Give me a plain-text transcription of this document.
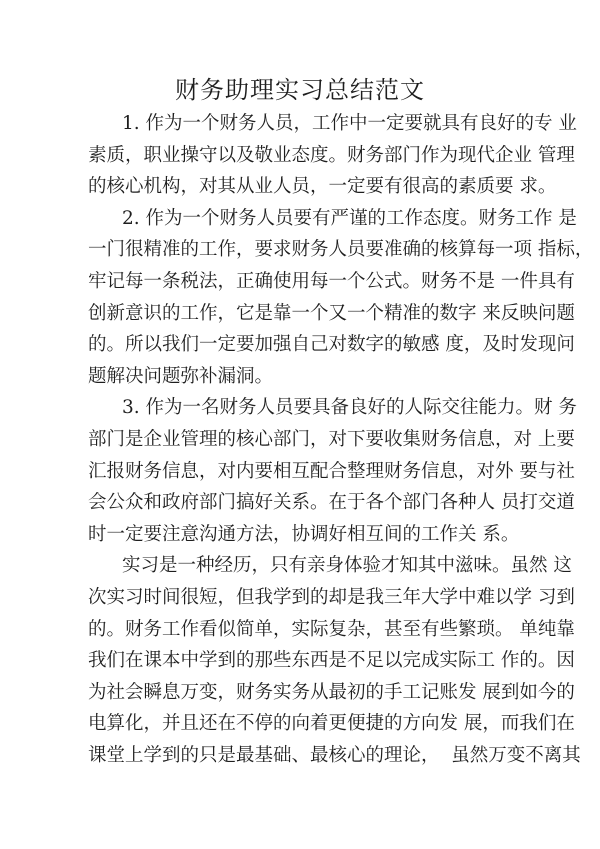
财务助理实习总结范文
1. 作为一个财务人员，工作中一定要就具有良好的专 业
素质，职业操守以及敬业态度。财务部门作为现代企业 管理
的核心机构，对其从业人员，一定要有很高的素质要 求。
2. 作为一个财务人员要有严谨的工作态度。财务工作 是
一门很精准的工作，要求财务人员要准确的核算每一项 指标，
牢记每一条税法，正确使用每一个公式。财务不是 一件具有
创新意识的工作，它是靠一个又一个精准的数字 来反映问题
的。所以我们一定要加强自己对数字的敏感 度，及时发现问
题解决问题弥补漏洞。
3. 作为一名财务人员要具备良好的人际交往能力。财 务
部门是企业管理的核心部门，对下要收集财务信息，对 上要
汇报财务信息，对内要相互配合整理财务信息，对外 要与社
会公众和政府部门搞好关系。在于各个部门各种人 员打交道
时一定要注意沟通方法，协调好相互间的工作关 系。
实习是一种经历，只有亲身体验才知其中滋味。虽然 这
次实习时间很短，但我学到的却是我三年大学中难以学 习到
的。财务工作看似简单，实际复杂，甚至有些繁琐。 单纯靠
我们在课本中学到的那些东西是不足以完成实际工 作的。因
为社会瞬息万变，财务实务从最初的手工记账发 展到如今的
电算化，并且还在不停的向着更便捷的方向发 展，而我们在
课堂上学到的只是最基础、最核心的理论，  虽然万变不离其
